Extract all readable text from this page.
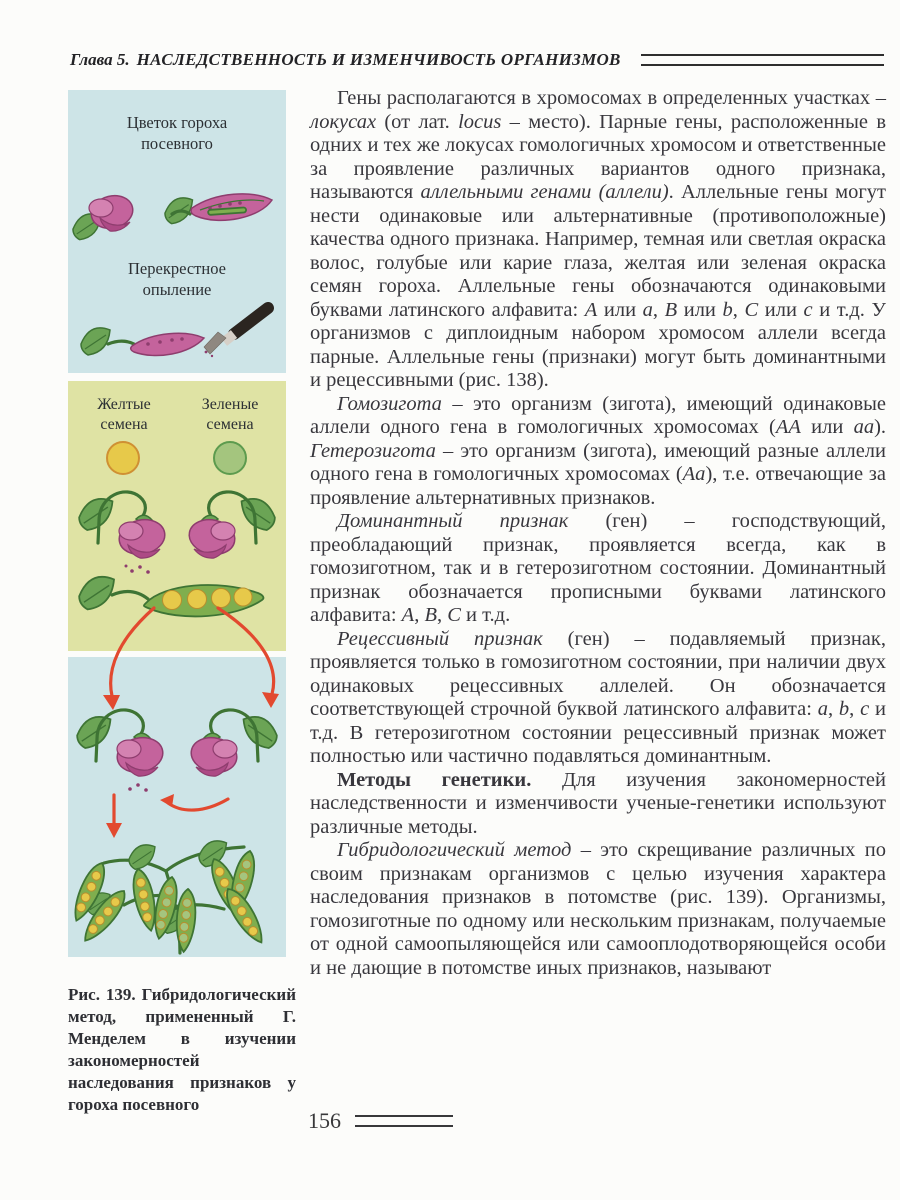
Глава 5. НАСЛЕДСТВЕННОСТЬ И ИЗМЕНЧИВОСТЬ ОРГАНИЗМОВ
Цветок гороха посевного
Перекрестное опыление
Желтые семена
Зеленые семена
Рис. 139. Гибридологический метод, примененный Г. Менделем в изучении закономерностей наследования признаков у гороха посевного

Гены располагаются в хромосомах в определенных участках – локусах (от лат. locus – место). Парные гены, расположенные в одних и тех же локусах гомологичных хромосом и ответственные за проявление различных вариантов одного признака, называются аллельными генами (аллели). Аллельные гены могут нести одинаковые или альтернативные (противоположные) качества одного признака. Например, темная или светлая окраска волос, голубые или карие глаза, желтая или зеленая окраска семян гороха. Аллельные гены обозначаются одинаковыми буквами латинского алфавита: A или a, B или b, C или c и т.д. У организмов с диплоидным набором хромосом аллели всегда парные. Аллельные гены (признаки) могут быть доминантными и рецессивными (рис. 138).

Гомозигота – это организм (зигота), имеющий одинаковые аллели одного гена в гомологичных хромосомах (AA или aa). Гетерозигота – это организм (зигота), имеющий разные аллели одного гена в гомологичных хромосомах (Aa), т.е. отвечающие за проявление альтернативных признаков.

Доминантный признак (ген) – господствующий, преобладающий признак, проявляется всегда, как в гомозиготном, так и в гетерозиготном состоянии. Доминантный признак обозначается прописными буквами латинского алфавита: A, B, C и т.д.

Рецессивный признак (ген) – подавляемый признак, проявляется только в гомозиготном состоянии, при наличии двух одинаковых рецессивных аллелей. Он обозначается соответствующей строчной буквой латинского алфавита: a, b, c и т.д. В гетерозиготном состоянии рецессивный признак может полностью или частично подавляться доминантным.

Методы генетики. Для изучения закономерностей наследственности и изменчивости ученые-генетики используют различные методы.

Гибридологический метод – это скрещивание различных по своим признакам организмов с целью изучения характера наследования признаков в потомстве (рис. 139). Организмы, гомозиготные по одному или нескольким признакам, получаемые от одной самоопыляющейся или самооплодотворяющейся особи и не дающие в потомстве иных признаков, называют

156
